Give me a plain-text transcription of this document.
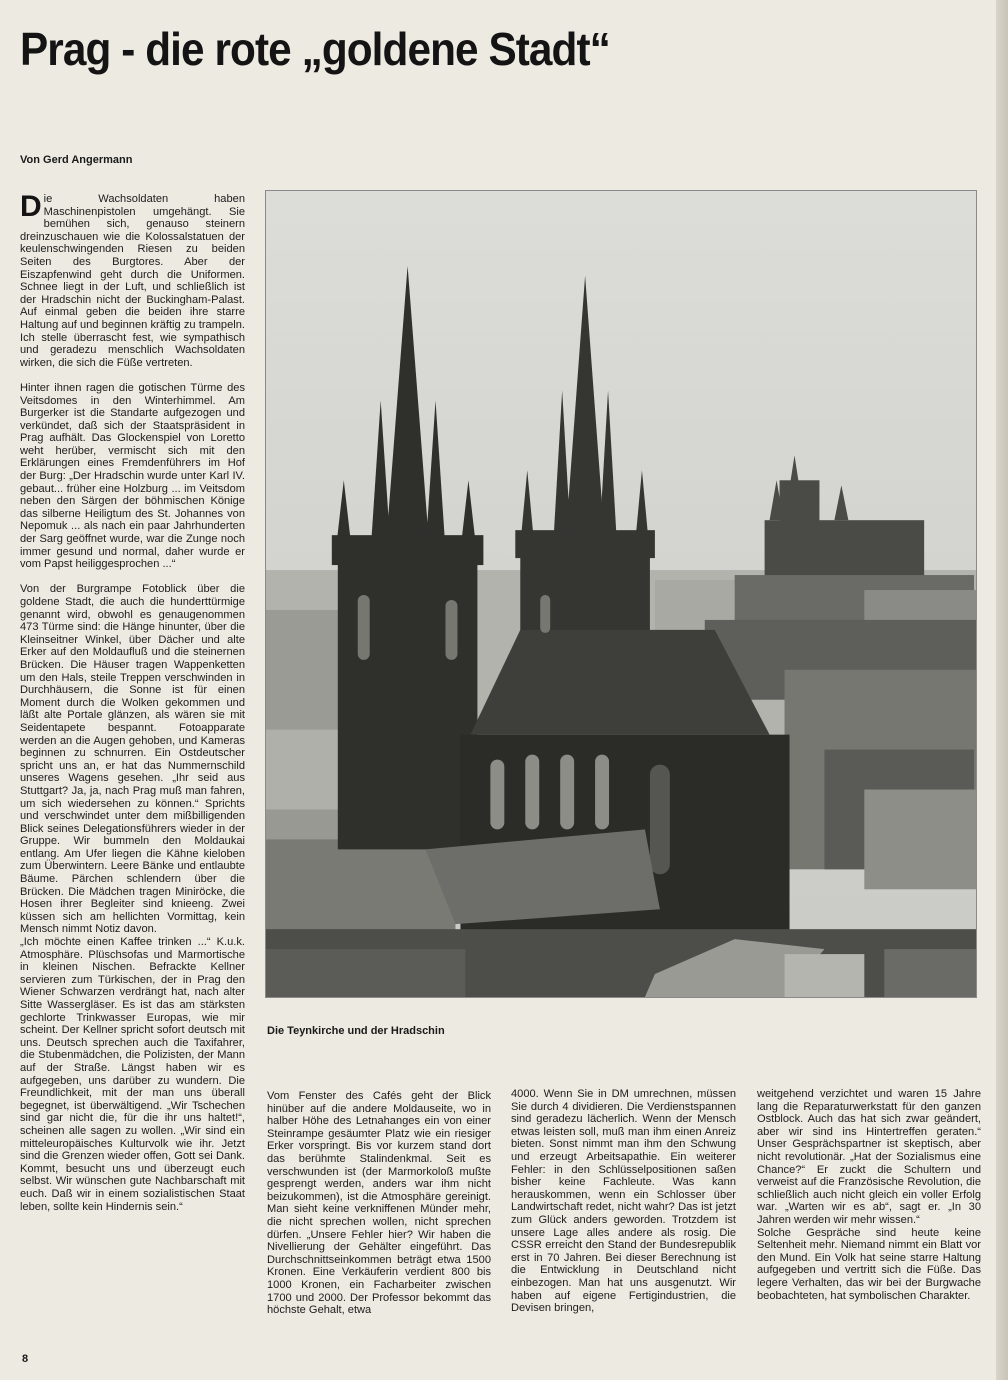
Prag - die rote „goldene Stadt“
Von Gerd Angermann

Die Wachsoldaten haben Maschinenpistolen umgehängt. Sie bemühen sich, genauso steinern dreinzuschauen wie die Kolossalstatuen der keulenschwingenden Riesen zu beiden Seiten des Burgtores. Aber der Eiszapfenwind geht durch die Uniformen. Schnee liegt in der Luft, und schließlich ist der Hradschin nicht der Buckingham-Palast. Auf einmal geben die beiden ihre starre Haltung auf und beginnen kräftig zu trampeln. Ich stelle überrascht fest, wie sympathisch und geradezu menschlich Wachsoldaten wirken, die sich die Füße vertreten.

Hinter ihnen ragen die gotischen Türme des Veitsdomes in den Winterhimmel. Am Burgerker ist die Standarte aufgezogen und verkündet, daß sich der Staatspräsident in Prag aufhält. Das Glockenspiel von Loretto weht herüber, vermischt sich mit den Erklärungen eines Fremdenführers im Hof der Burg: „Der Hradschin wurde unter Karl IV. gebaut... früher eine Holzburg ... im Veitsdom neben den Särgen der böhmischen Könige das silberne Heiligtum des St. Johannes von Nepomuk ... als nach ein paar Jahrhunderten der Sarg geöffnet wurde, war die Zunge noch immer gesund und normal, daher wurde er vom Papst heiliggesprochen ...“

Von der Burgrampe Fotoblick über die goldene Stadt, die auch die hunderttürmige genannt wird, obwohl es genaugenommen 473 Türme sind: die Hänge hinunter, über die Kleinseitner Winkel, über Dächer und alte Erker auf den Moldaufluß und die steinernen Brücken. Die Häuser tragen Wappenketten um den Hals, steile Treppen verschwinden in Durchhäusern, die Sonne ist für einen Moment durch die Wolken gekommen und läßt alte Portale glänzen, als wären sie mit Seidentapete bespannt. Fotoapparate werden an die Augen gehoben, und Kameras beginnen zu schnurren. Ein Ostdeutscher spricht uns an, er hat das Nummernschild unseres Wagens gesehen. „Ihr seid aus Stuttgart? Ja, ja, nach Prag muß man fahren, um sich wiedersehen zu können.“ Sprichts und verschwindet unter dem mißbilligenden Blick seines Delegationsführers wieder in der Gruppe. Wir bummeln den Moldaukai entlang. Am Ufer liegen die Kähne kieloben zum Überwintern. Leere Bänke und entlaubte Bäume. Pärchen schlendern über die Brücken. Die Mädchen tragen Miniröcke, die Hosen ihrer Begleiter sind knieeng. Zwei küssen sich am hellichten Vormittag, kein Mensch nimmt Notiz davon.

„Ich möchte einen Kaffee trinken ...“ K.u.k. Atmosphäre. Plüschsofas und Marmortische in kleinen Nischen. Befrackte Kellner servieren zum Türkischen, der in Prag den Wiener Schwarzen verdrängt hat, nach alter Sitte Wassergläser. Es ist das am stärksten gechlorte Trinkwasser Europas, wie mir scheint. Der Kellner spricht sofort deutsch mit uns. Deutsch sprechen auch die Taxifahrer, die Stubenmädchen, die Polizisten, der Mann auf der Straße. Längst haben wir es aufgegeben, uns darüber zu wundern. Die Freundlichkeit, mit der man uns überall begegnet, ist überwältigend. „Wir Tschechen sind gar nicht die, für die ihr uns haltet!“, scheinen alle sagen zu wollen. „Wir sind ein mitteleuropäisches Kulturvolk wie ihr. Jetzt sind die Grenzen wieder offen, Gott sei Dank. Kommt, besucht uns und überzeugt euch selbst. Wir wünschen gute Nachbarschaft mit euch. Daß wir in einem sozialistischen Staat leben, sollte kein Hindernis sein.“

Die Teynkirche und der Hradschin

Vom Fenster des Cafés geht der Blick hinüber auf die andere Moldauseite, wo in halber Höhe des Letnahanges ein von einer Steinrampe gesäumter Platz wie ein riesiger Erker vorspringt. Bis vor kurzem stand dort das berühmte Stalindenkmal. Seit es verschwunden ist (der Marmorkoloß mußte gesprengt werden, anders war ihm nicht beizukommen), ist die Atmosphäre gereinigt. Man sieht keine verkniffenen Münder mehr, die nicht sprechen wollen, nicht sprechen dürfen. „Unsere Fehler hier? Wir haben die Nivellierung der Gehälter eingeführt. Das Durchschnittseinkommen beträgt etwa 1500 Kronen. Eine Verkäuferin verdient 800 bis 1000 Kronen, ein Facharbeiter zwischen 1700 und 2000. Der Professor bekommt das höchste Gehalt, etwa

4000. Wenn Sie in DM umrechnen, müssen Sie durch 4 dividieren. Die Verdienstspannen sind geradezu lächerlich. Wenn der Mensch etwas leisten soll, muß man ihm einen Anreiz bieten. Sonst nimmt man ihm den Schwung und erzeugt Arbeitsapathie. Ein weiterer Fehler: in den Schlüsselpositionen saßen bisher keine Fachleute. Was kann herauskommen, wenn ein Schlosser über Landwirtschaft redet, nicht wahr? Das ist jetzt zum Glück anders geworden. Trotzdem ist unsere Lage alles andere als rosig. Die CSSR erreicht den Stand der Bundesrepublik erst in 70 Jahren. Bei dieser Berechnung ist die Entwicklung in Deutschland nicht einbezogen. Man hat uns ausgenutzt. Wir haben auf eigene Fertigindustrien, die Devisen bringen,

weitgehend verzichtet und waren 15 Jahre lang die Reparaturwerkstatt für den ganzen Ostblock. Auch das hat sich zwar geändert, aber wir sind ins Hintertreffen geraten.“ Unser Gesprächspartner ist skeptisch, aber nicht revolutionär. „Hat der Sozialismus eine Chance?“ Er zuckt die Schultern und verweist auf die Französische Revolution, die schließlich auch nicht gleich ein voller Erfolg war. „Warten wir es ab“, sagt er. „In 30 Jahren werden wir mehr wissen.“

Solche Gespräche sind heute keine Seltenheit mehr. Niemand nimmt ein Blatt vor den Mund. Ein Volk hat seine starre Haltung aufgegeben und vertritt sich die Füße. Das legere Verhalten, das wir bei der Burgwache beobachteten, hat symbolischen Charakter.

8
